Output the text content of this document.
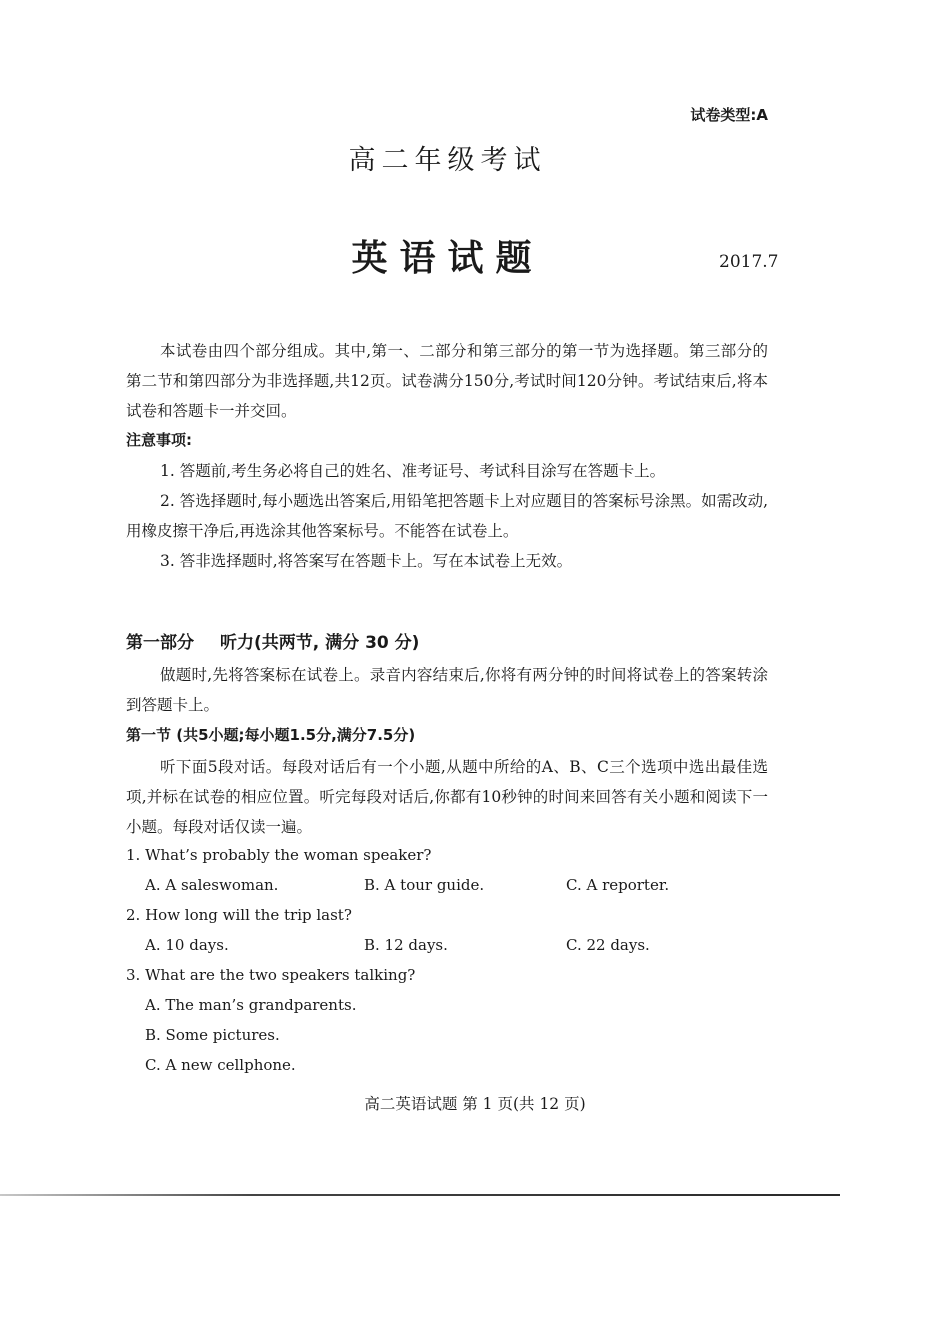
试卷类型:A
高二年级考试
英语试题	2017.7
本试卷由四个部分组成。其中,第一、二部分和第三部分的第一节为选择题。第三部分的第二节和第四部分为非选择题,共12页。试卷满分150分,考试时间120分钟。考试结束后,将本试卷和答题卡一并交回。
注意事项:
1. 答题前,考生务必将自己的姓名、准考证号、考试科目涂写在答题卡上。
2. 答选择题时,每小题选出答案后,用铅笔把答题卡上对应题目的答案标号涂黑。如需改动,用橡皮擦干净后,再选涂其他答案标号。不能答在试卷上。
3. 答非选择题时,将答案写在答题卡上。写在本试卷上无效。
第一部分 听力(共两节, 满分 30 分)
做题时,先将答案标在试卷上。录音内容结束后,你将有两分钟的时间将试卷上的答案转涂到答题卡上。
第一节 (共5小题;每小题1.5分,满分7.5分)
听下面5段对话。每段对话后有一个小题,从题中所给的A、B、C三个选项中选出最佳选项,并标在试卷的相应位置。听完每段对话后,你都有10秒钟的时间来回答有关小题和阅读下一小题。每段对话仅读一遍。
1. What’s probably the woman speaker?
A. A saleswoman.	B. A tour guide.	C. A reporter.
2. How long will the trip last?
A. 10 days.	B. 12 days.	C. 22 days.
3. What are the two speakers talking?
A. The man’s grandparents.
B. Some pictures.
C. A new cellphone.
高二英语试题 第 1 页(共 12 页)
